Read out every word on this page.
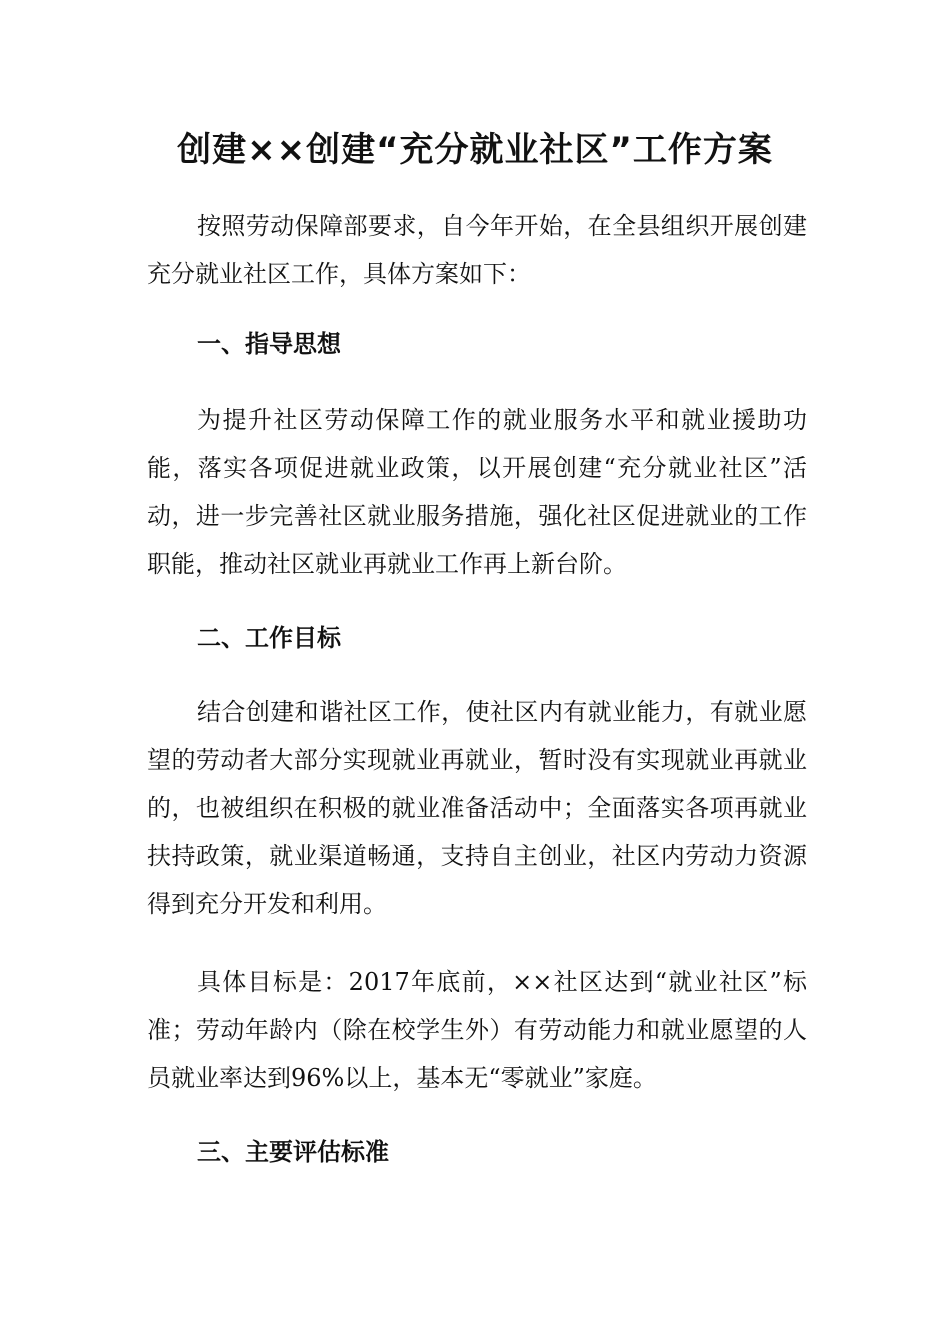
创建××创建“充分就业社区”工作方案

按照劳动保障部要求，自今年开始，在全县组织开展创建充分就业社区工作，具体方案如下：

一、指导思想

为提升社区劳动保障工作的就业服务水平和就业援助功能，落实各项促进就业政策，以开展创建“充分就业社区”活动，进一步完善社区就业服务措施，强化社区促进就业的工作职能，推动社区就业再就业工作再上新台阶。

二、工作目标

结合创建和谐社区工作，使社区内有就业能力，有就业愿望的劳动者大部分实现就业再就业，暂时没有实现就业再就业的，也被组织在积极的就业准备活动中；全面落实各项再就业扶持政策，就业渠道畅通，支持自主创业，社区内劳动力资源得到充分开发和利用。

具体目标是：2017年底前，××社区达到“就业社区”标准；劳动年龄内（除在校学生外）有劳动能力和就业愿望的人员就业率达到96%以上，基本无“零就业”家庭。

三、主要评估标准
